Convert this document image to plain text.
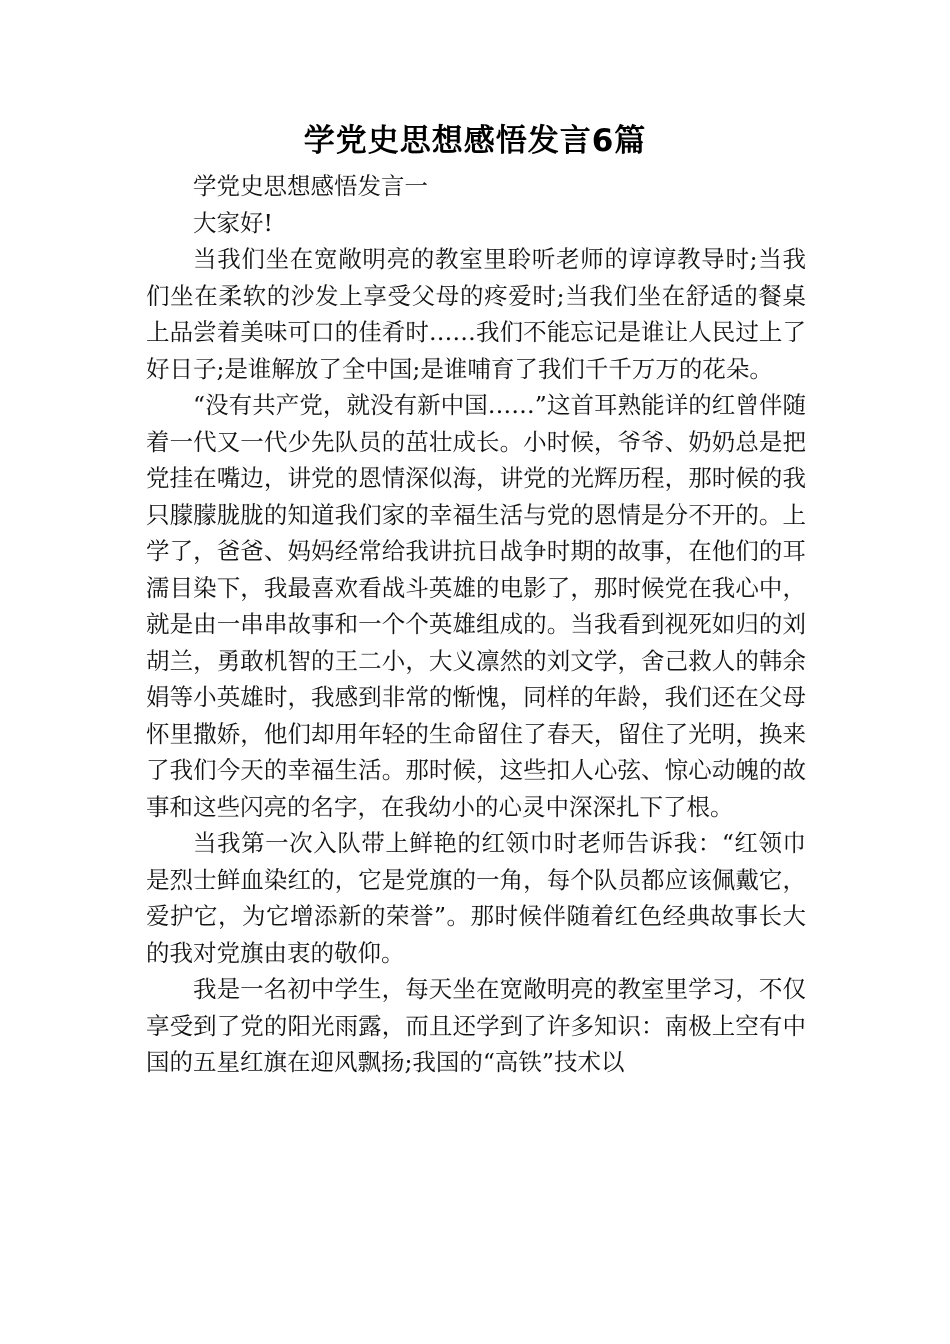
学党史思想感悟发言6篇

学党史思想感悟发言一

大家好!

当我们坐在宽敞明亮的教室里聆听老师的谆谆教导时;当我们坐在柔软的沙发上享受父母的疼爱时;当我们坐在舒适的餐桌上品尝着美味可口的佳肴时……我们不能忘记是谁让人民过上了好日子;是谁解放了全中国;是谁哺育了我们千千万万的花朵。

“没有共产党，就没有新中国……”这首耳熟能详的红曾伴随着一代又一代少先队员的茁壮成长。小时候，爷爷、奶奶总是把党挂在嘴边，讲党的恩情深似海，讲党的光辉历程，那时候的我只朦朦胧胧的知道我们家的幸福生活与党的恩情是分不开的。上学了，爸爸、妈妈经常给我讲抗日战争时期的故事，在他们的耳濡目染下，我最喜欢看战斗英雄的电影了，那时候党在我心中，就是由一串串故事和一个个英雄组成的。当我看到视死如归的刘胡兰，勇敢机智的王二小，大义凛然的刘文学，舍己救人的韩余娟等小英雄时，我感到非常的惭愧，同样的年龄，我们还在父母怀里撒娇，他们却用年轻的生命留住了春天，留住了光明，换来了我们今天的幸福生活。那时候，这些扣人心弦、惊心动魄的故事和这些闪亮的名字，在我幼小的心灵中深深扎下了根。

当我第一次入队带上鲜艳的红领巾时老师告诉我：“红领巾是烈士鲜血染红的，它是党旗的一角，每个队员都应该佩戴它，爱护它，为它增添新的荣誉”。那时候伴随着红色经典故事长大的我对党旗由衷的敬仰。

我是一名初中学生，每天坐在宽敞明亮的教室里学习，不仅享受到了党的阳光雨露，而且还学到了许多知识：南极上空有中国的五星红旗在迎风飘扬;我国的“高铁”技术以
